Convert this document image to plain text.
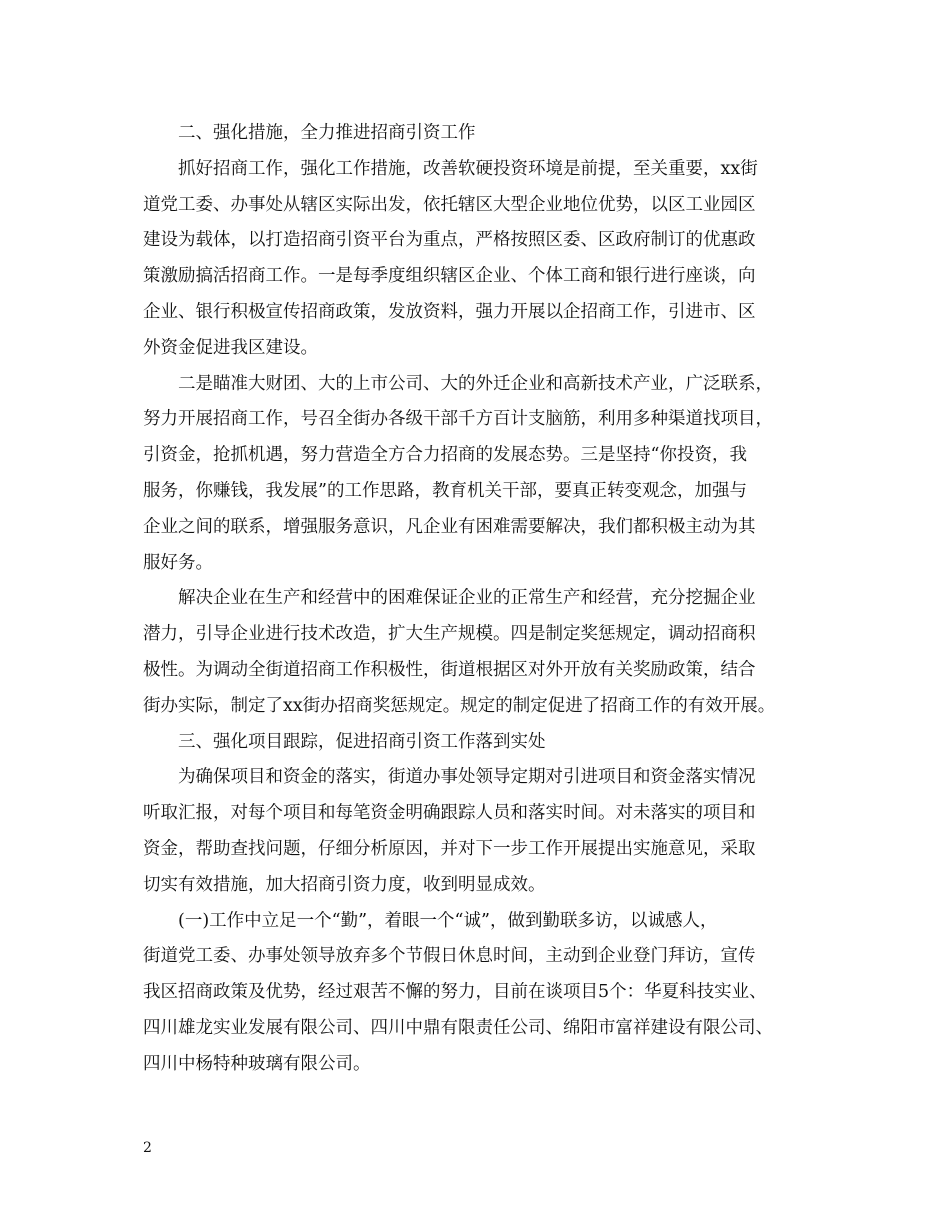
二、强化措施，全力推进招商引资工作
抓好招商工作，强化工作措施，改善软硬投资环境是前提，至关重要，xx街
道党工委、办事处从辖区实际出发，依托辖区大型企业地位优势，以区工业园区
建设为载体，以打造招商引资平台为重点，严格按照区委、区政府制订的优惠政
策激励搞活招商工作。一是每季度组织辖区企业、个体工商和银行进行座谈，向
企业、银行积极宣传招商政策，发放资料，强力开展以企招商工作，引进市、区
外资金促进我区建设。
二是瞄准大财团、大的上市公司、大的外迁企业和高新技术产业，广泛联系，
努力开展招商工作，号召全街办各级干部千方百计支脑筋，利用多种渠道找项目，
引资金，抢抓机遇，努力营造全方合力招商的发展态势。三是坚持“你投资，我
服务，你赚钱，我发展”的工作思路，教育机关干部，要真正转变观念，加强与
企业之间的联系，增强服务意识，凡企业有困难需要解决，我们都积极主动为其
服好务。
解决企业在生产和经营中的困难保证企业的正常生产和经营，充分挖掘企业
潜力，引导企业进行技术改造，扩大生产规模。四是制定奖惩规定，调动招商积
极性。为调动全街道招商工作积极性，街道根据区对外开放有关奖励政策，结合
街办实际，制定了xx街办招商奖惩规定。规定的制定促进了招商工作的有效开展。
三、强化项目跟踪，促进招商引资工作落到实处
为确保项目和资金的落实，街道办事处领导定期对引进项目和资金落实情况
听取汇报，对每个项目和每笔资金明确跟踪人员和落实时间。对未落实的项目和
资金，帮助查找问题，仔细分析原因，并对下一步工作开展提出实施意见，采取
切实有效措施，加大招商引资力度，收到明显成效。
(一)工作中立足一个“勤”，着眼一个“诚”，做到勤联多访，以诚感人，
街道党工委、办事处领导放弃多个节假日休息时间，主动到企业登门拜访，宣传
我区招商政策及优势，经过艰苦不懈的努力，目前在谈项目5个：华夏科技实业、
四川雄龙实业发展有限公司、四川中鼎有限责任公司、绵阳市富祥建设有限公司、
四川中杨特种玻璃有限公司。
2
